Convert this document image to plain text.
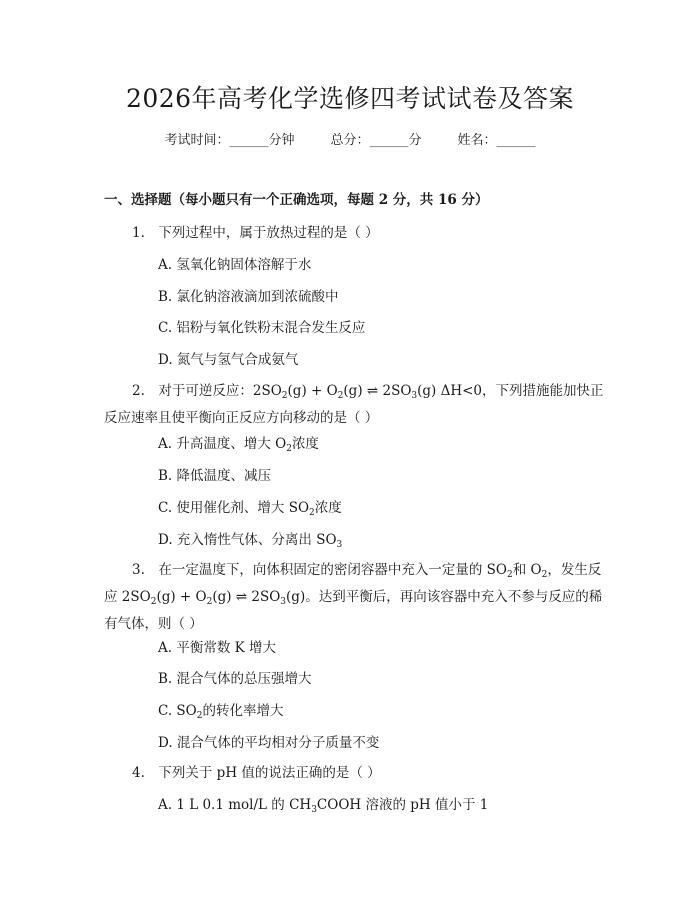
2026年高考化学选修四考试试卷及答案
考试时间：______分钟	总分：______分	姓名：______
一、选择题（每小题只有一个正确选项，每题 2 分，共 16 分）
1.　下列过程中，属于放热过程的是（ ）
A. 氢氧化钠固体溶解于水
B. 氯化钠溶液滴加到浓硫酸中
C. 铝粉与氧化铁粉末混合发生反应
D. 氮气与氢气合成氨气
2.　对于可逆反应：$2SO_2(g) + O_2(g)$ ⇌ $2SO_3(g)$ ΔH<0，下列措施能加快正反应速率且使平衡向正反应方向移动的是（ ）
A. 升高温度、增大 $O_2$浓度
B. 降低温度、减压
C. 使用催化剂、增大 $SO_2$浓度
D. 充入惰性气体、分离出 $SO_3$
3.　在一定温度下，向体积固定的密闭容器中充入一定量的 $SO_2$和 $O_2$，发生反应 $2SO_2(g) + O_2(g)$ ⇌ $2SO_3(g)$。达到平衡后，再向该容器中充入不参与反应的稀有气体，则（ ）
A. 平衡常数 K 增大
B. 混合气体的总压强增大
C. $SO_2$的转化率增大
D. 混合气体的平均相对分子质量不变
4.　下列关于 pH 值的说法正确的是（ ）
A. 1 L 0.1 mol/L 的 $CH_3COOH$ 溶液的 pH 值小于 1
